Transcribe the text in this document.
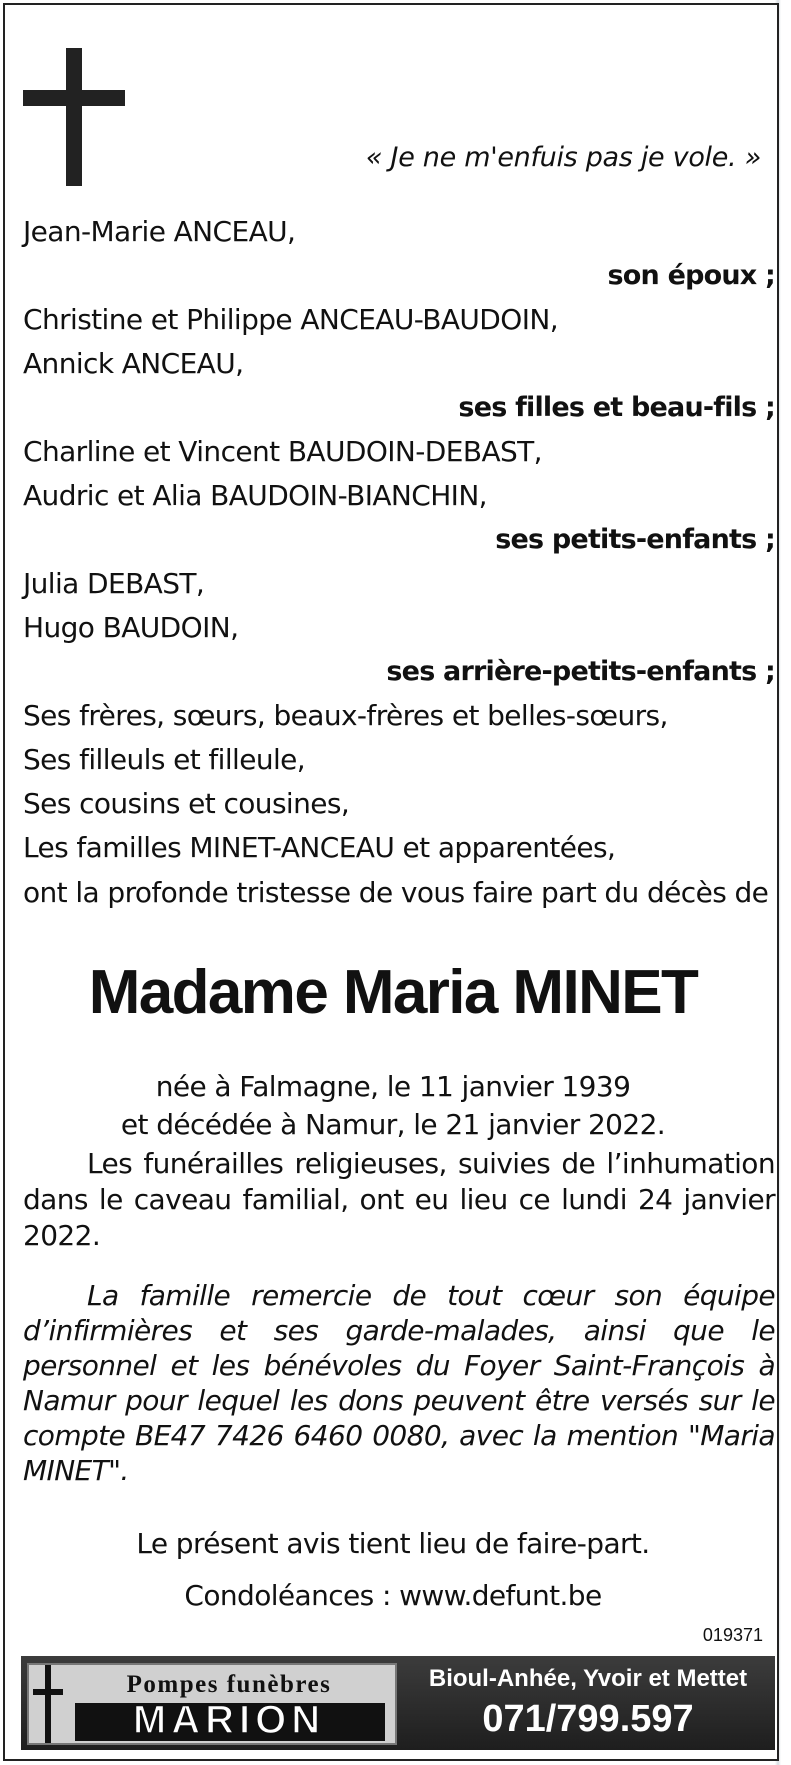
« Je ne m'enfuis pas je vole. »
Jean-Marie ANCEAU,
son époux ;
Christine et Philippe ANCEAU-BAUDOIN,
Annick ANCEAU,
ses filles et beau-fils ;
Charline et Vincent BAUDOIN-DEBAST,
Audric et Alia BAUDOIN-BIANCHIN,
ses petits-enfants ;
Julia DEBAST,
Hugo BAUDOIN,
ses arrière-petits-enfants ;
Ses frères, sœurs, beaux-frères et belles-sœurs,
Ses filleuls et filleule,
Ses cousins et cousines,
Les familles MINET-ANCEAU et apparentées,
ont la profonde tristesse de vous faire part du décès de
Madame Maria MINET
née à Falmagne, le 11 janvier 1939
et décédée à Namur, le 21 janvier 2022.
Les funérailles religieuses, suivies de l’inhumation dans le caveau familial, ont eu lieu ce lundi 24 janvier 2022.
La famille remercie de tout cœur son équipe d’infirmières et ses garde-malades, ainsi que le personnel et les bénévoles du Foyer Saint-François à Namur pour lequel les dons peuvent être versés sur le compte BE47 7426 6460 0080, avec la mention "Maria MINET".
Le présent avis tient lieu de faire-part.
Condoléances : www.defunt.be
019371
Pompes funèbres
MARION
Bioul-Anhée, Yvoir et Mettet
071/799.597
